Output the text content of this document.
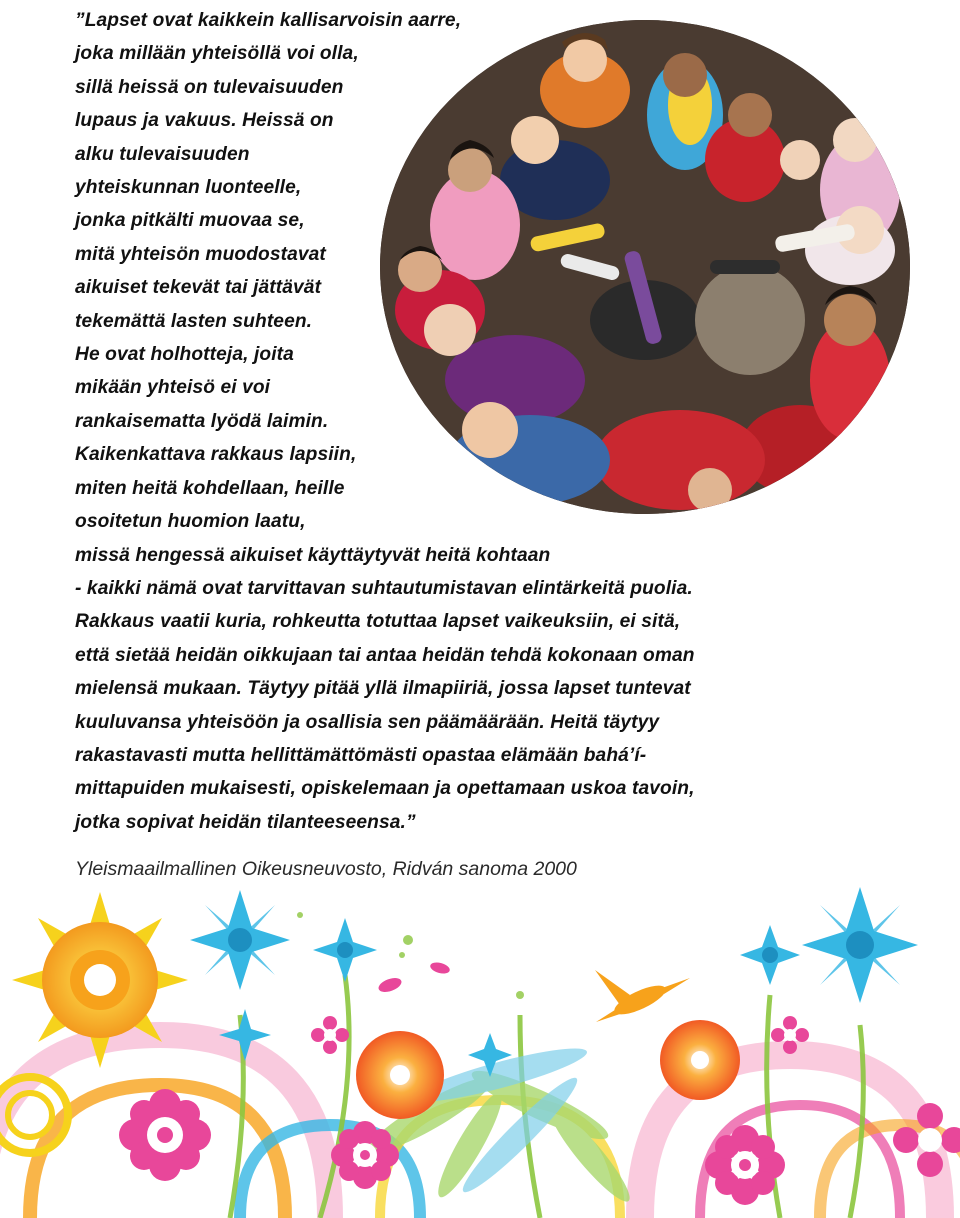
”Lapset ovat kaikkein kallisarvoisin aarre,
joka millään yhteisöllä voi olla,
sillä heissä on tulevaisuuden
lupaus ja vakuus. Heissä on
alku tulevaisuuden
yhteiskunnan luonteelle,
jonka pitkälti muovaa se,
mitä yhteisön muodostavat
aikuiset tekevät tai jättävät
tekemättä lasten suhteen.
He ovat holhotteja, joita
mikään yhteisö ei voi
rankaisematta lyödä laimin.
Kaikenkattava rakkaus lapsiin,
miten heitä kohdellaan, heille
osoitetun huomion laatu,
missä hengessä aikuiset käyttäytyvät heitä kohtaan
- kaikki nämä ovat tarvittavan suhtautumistavan elintärkeitä puolia.
Rakkaus vaatii kuria, rohkeutta totuttaa lapset vaikeuksiin, ei sitä,
että sietää heidän oikkujaan tai antaa heidän tehdä kokonaan oman
mielensä mukaan. Täytyy pitää yllä ilmapiiriä, jossa lapset tuntevat
kuuluvansa yhteisöön ja osallisia sen päämäärään. Heitä täytyy
rakastavasti mutta hellittämättömästi opastaa elämään bahá’í-
mittapuiden mukaisesti, opiskelemaan ja opettamaan uskoa tavoin,
jotka sopivat heidän tilanteeseensa.”
Yleismaailmallinen Oikeusneuvosto, Ridván sanoma 2000
